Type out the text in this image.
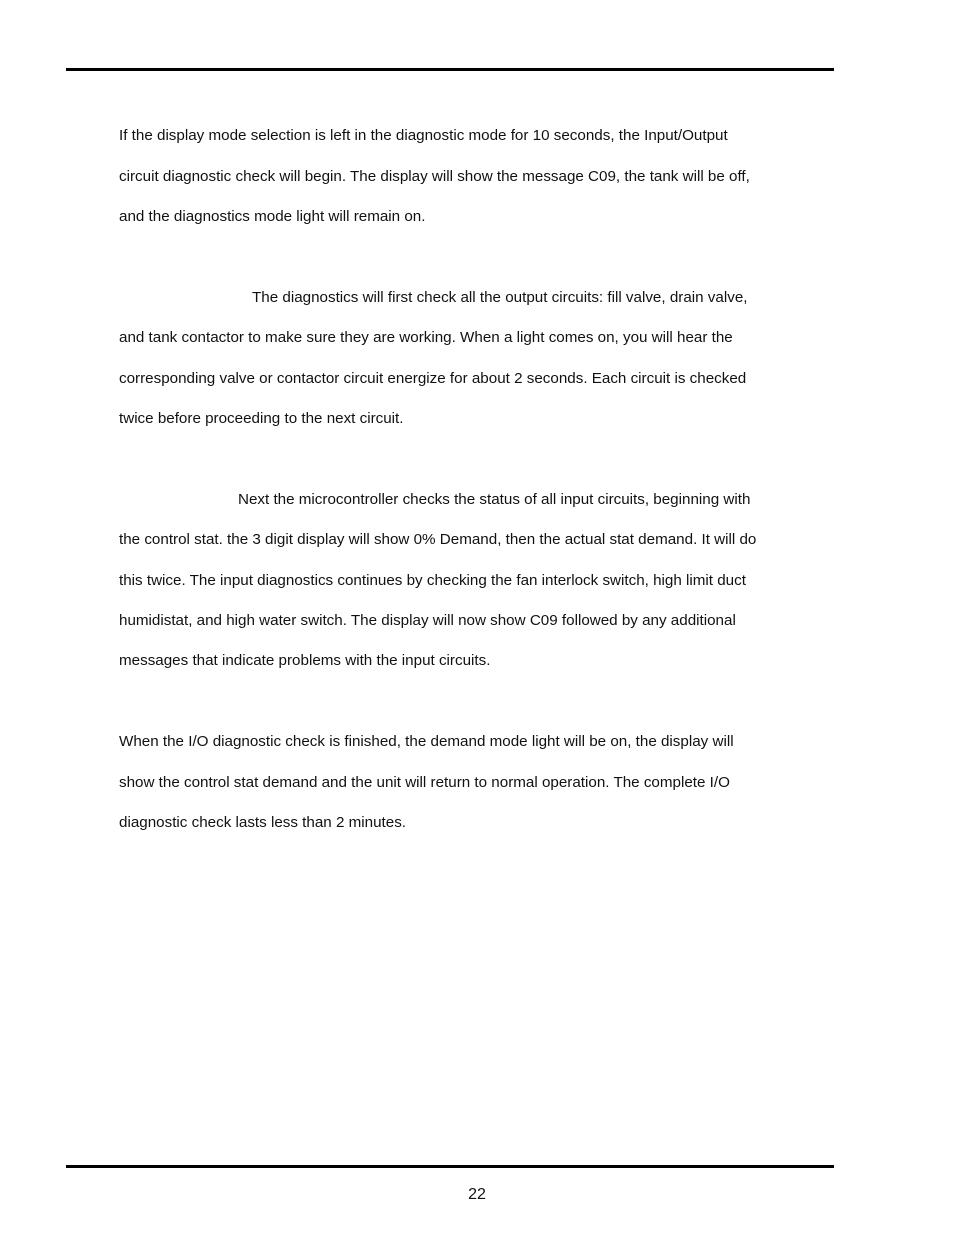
If the display mode selection is left in the diagnostic mode for 10 seconds, the Input/Output

circuit diagnostic check will begin. The display will show the message C09, the tank will be off,

and the diagnostics mode light will remain on.

The diagnostics will first check all the output circuits: fill valve, drain valve,

and tank contactor to make sure they are working. When a light comes on, you will hear the

corresponding valve or contactor circuit energize for about 2 seconds. Each circuit is checked

twice before proceeding to the next circuit.

Next the microcontroller checks the status of all input circuits, beginning with

the control stat. the 3 digit display will show 0% Demand, then the actual stat demand. It will do

this twice. The input diagnostics continues by checking the fan interlock switch, high limit duct

humidistat, and high water switch. The display will now show C09 followed by any additional

messages that indicate problems with the input circuits.

When the I/O diagnostic check is finished, the demand mode light will be on, the display will

show the control stat demand and the unit will return to normal operation. The complete I/O

diagnostic check lasts less than 2 minutes.

22
